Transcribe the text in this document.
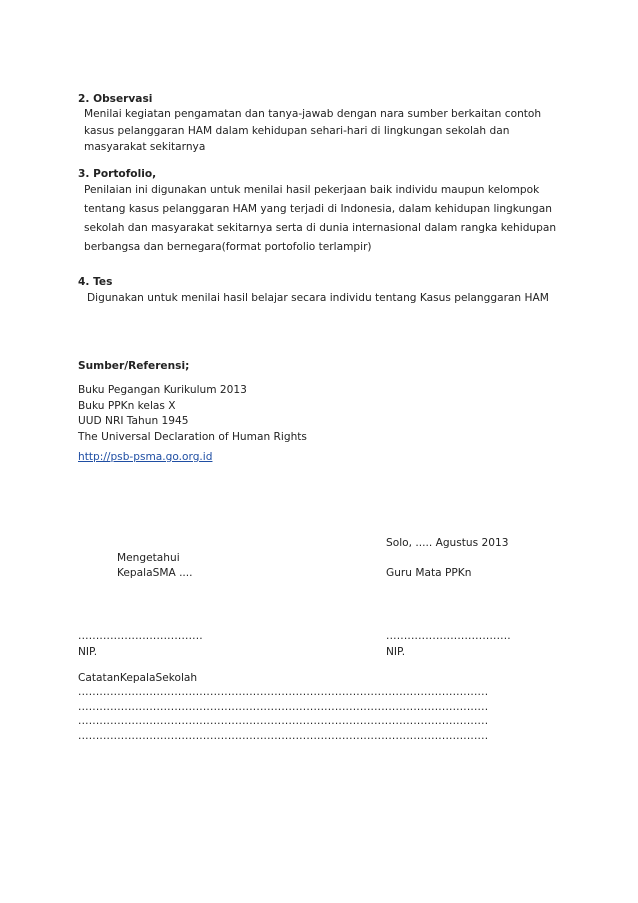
2. Observasi
Menilai kegiatan pengamatan dan tanya-jawab dengan nara sumber berkaitan contoh
kasus pelanggaran HAM dalam kehidupan sehari-hari di lingkungan sekolah dan
masyarakat sekitarnya
3. Portofolio,
Penilaian ini digunakan untuk menilai hasil pekerjaan baik individu maupun kelompok
tentang kasus pelanggaran HAM yang terjadi di Indonesia, dalam kehidupan lingkungan
sekolah dan masyarakat sekitarnya serta di dunia internasional dalam rangka kehidupan
berbangsa dan bernegara(format portofolio terlampir)
4. Tes
Digunakan untuk menilai hasil belajar secara individu tentang Kasus pelanggaran HAM
Sumber/Referensi;
Buku Pegangan Kurikulum 2013
Buku PPKn kelas X
UUD NRI Tahun 1945
The Universal Declaration of Human Rights
http://psb-psma.go.org.id
Solo, ..... Agustus 2013
Mengetahui
KepalaSMA ....	Guru Mata PPKn
...................................	...................................
NIP.	NIP.
CatatanKepalaSekolah
...................................................................................................................
...................................................................................................................
...................................................................................................................
...................................................................................................................
